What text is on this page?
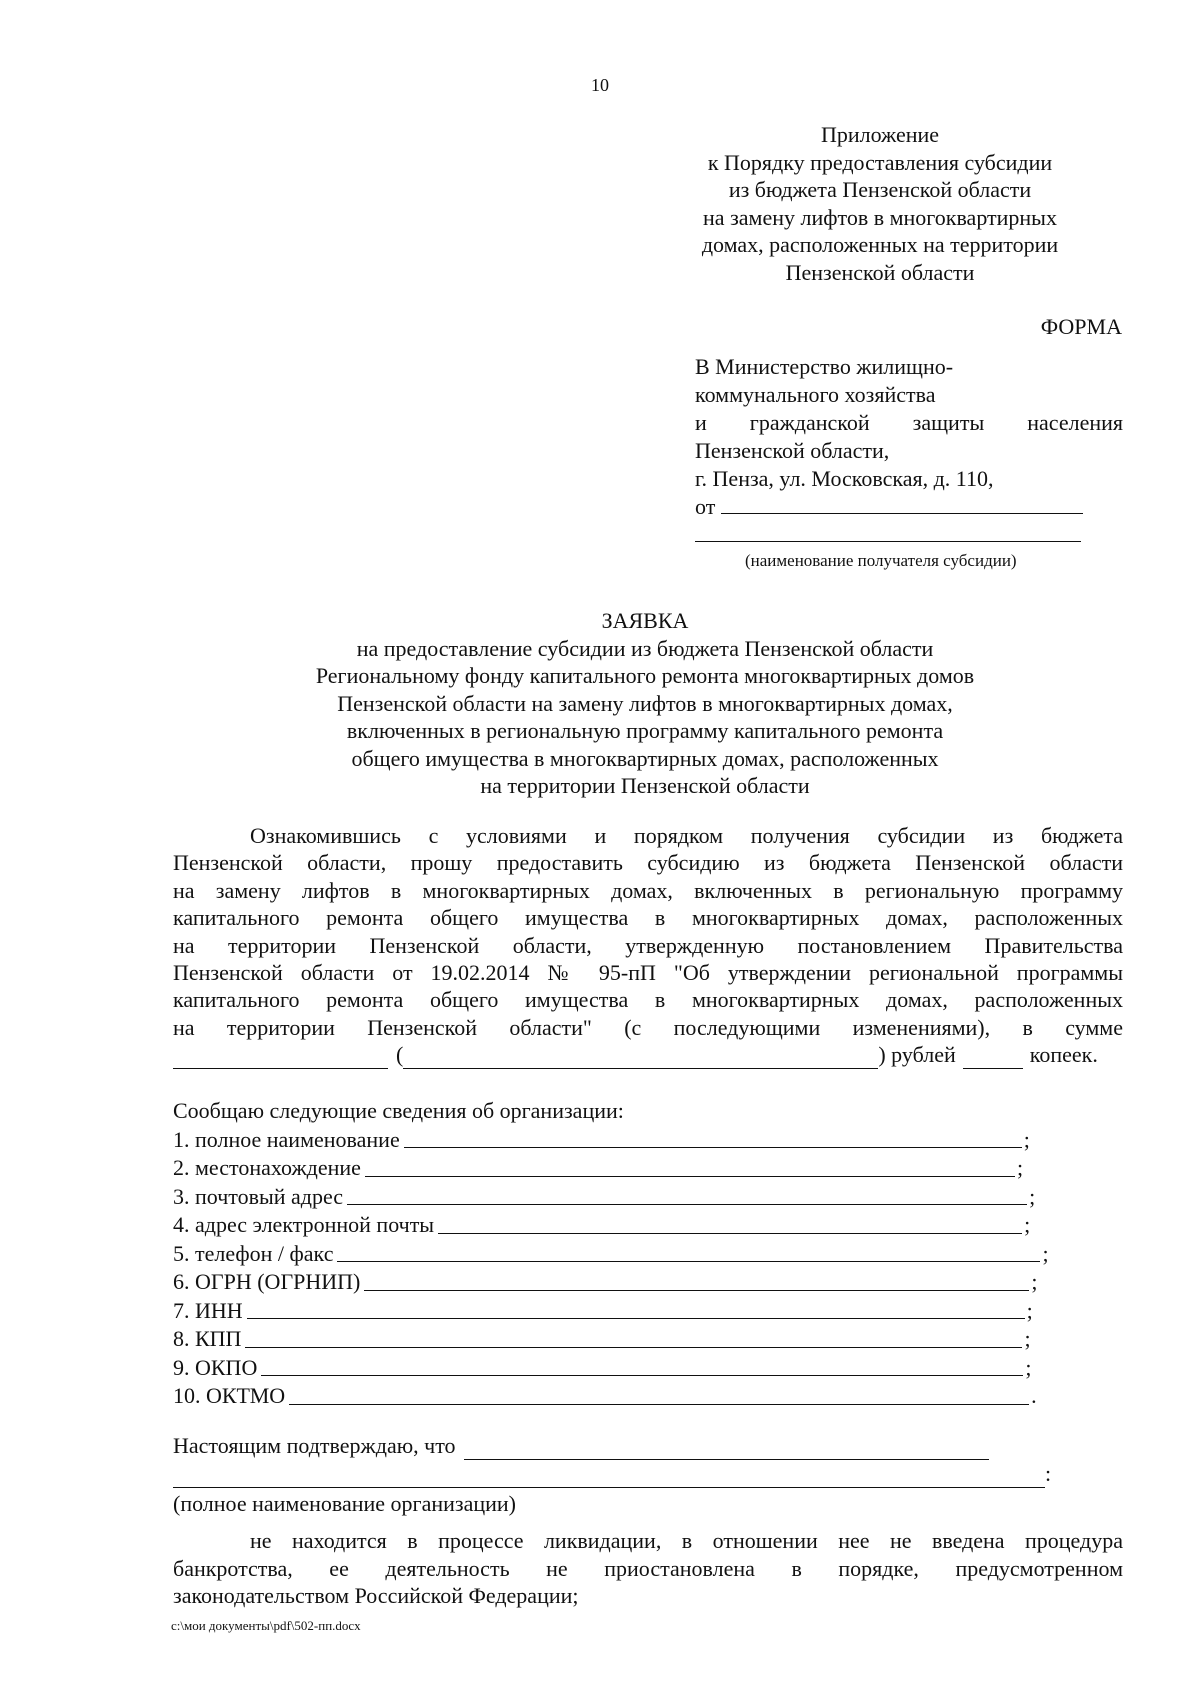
10
Приложение
к Порядку предоставления субсидии
из бюджета Пензенской области
на замену лифтов в многоквартирных
домах, расположенных на территории
Пензенской области
ФОРМА
В Министерство жилищно-
коммунального хозяйства
и гражданской защиты населения
Пензенской области,
г. Пенза, ул. Московская, д. 110,
от
(наименование получателя субсидии)
ЗАЯВКА
на предоставление субсидии из бюджета Пензенской области
Региональному фонду капитального ремонта многоквартирных домов
Пензенской области на замену лифтов в многоквартирных домах,
включенных в региональную программу капитального ремонта
общего имущества в многоквартирных домах, расположенных
на территории Пензенской области
Ознакомившись с условиями и порядком получения субсидии из бюджета
Пензенской области, прошу предоставить субсидию из бюджета Пензенской области
на замену лифтов в многоквартирных домах, включенных в региональную программу
капитального ремонта общего имущества в многоквартирных домах, расположенных
на территории Пензенской области, утвержденную постановлением Правительства
Пензенской области от 19.02.2014 № 95-пП "Об утверждении региональной программы
капитального ремонта общего имущества в многоквартирных домах, расположенных
на территории Пензенской области" (с последующими изменениями), в сумме
(	) рублей	копеек.
Сообщаю следующие сведения об организации:
1. полное наименование	;
2. местонахождение	;
3. почтовый адрес	;
4. адрес электронной почты	;
5. телефон / факс	;
6. ОГРН (ОГРНИП)	;
7. ИНН	;
8. КПП	;
9. ОКПО	;
10. ОКТМО	.
Настоящим подтверждаю, что
:
(полное наименование организации)
не находится в процессе ликвидации, в отношении нее не введена процедура
банкротства, ее деятельность не приостановлена в порядке, предусмотренном
законодательством Российской Федерации;
c:\мои документы\pdf\502-пп.docx
